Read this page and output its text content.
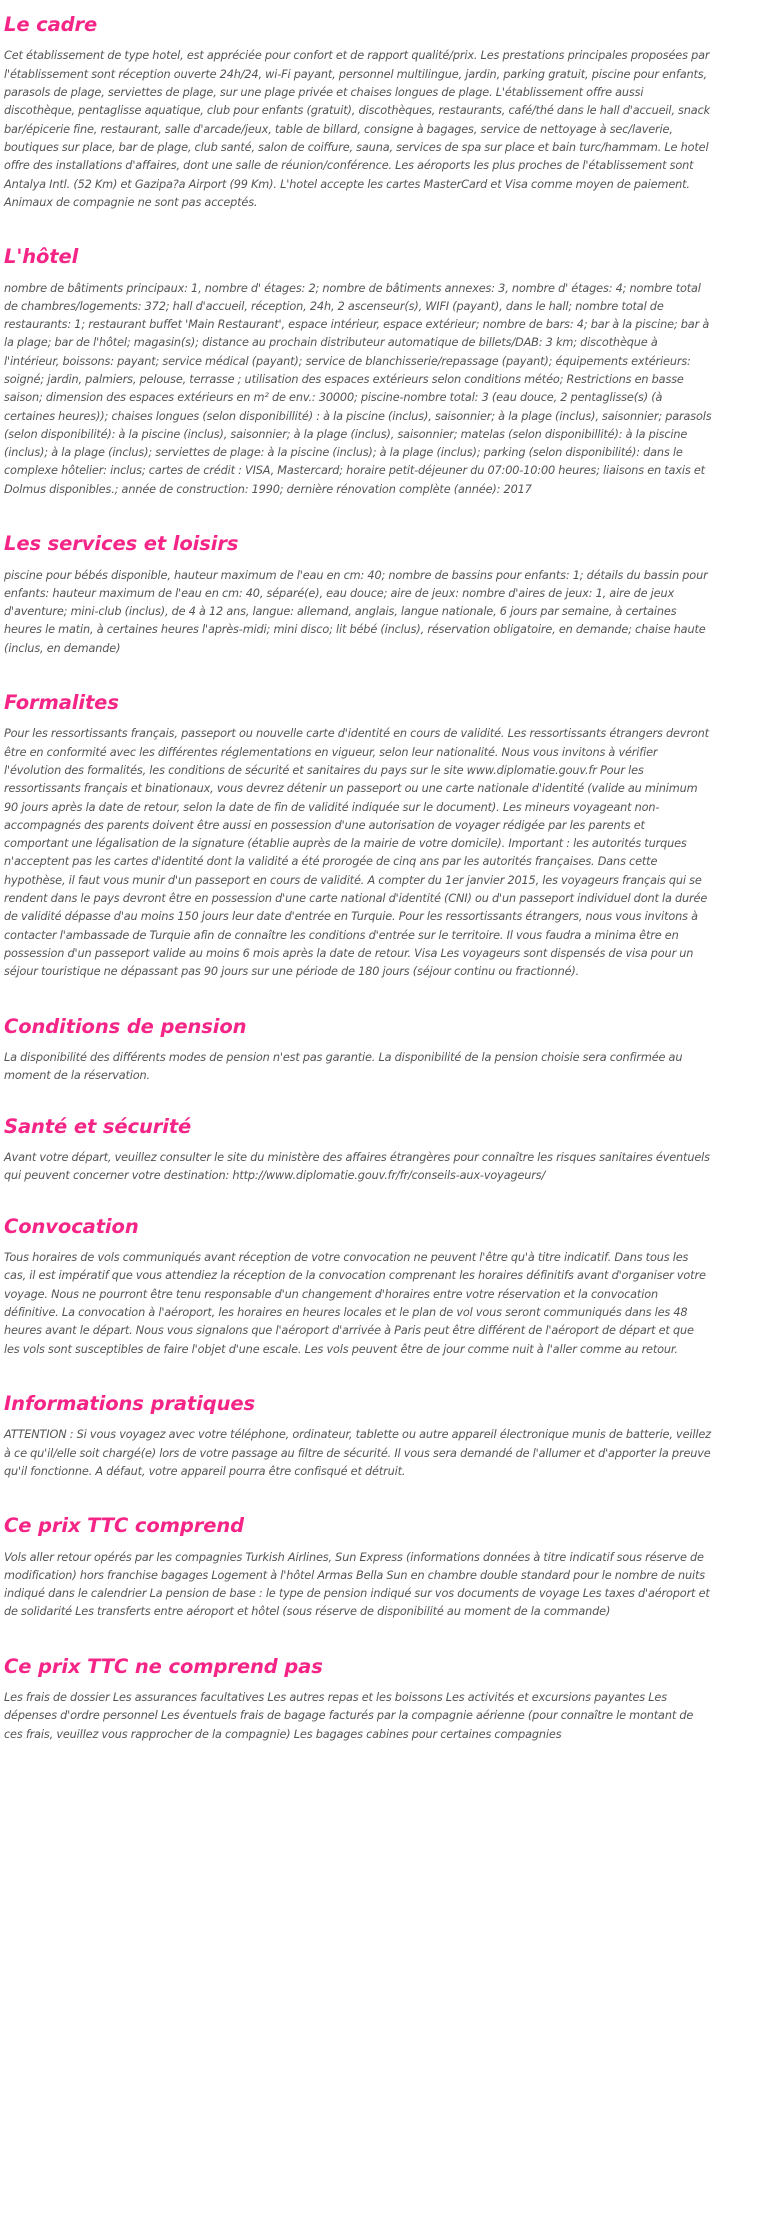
Le cadre

Cet établissement de type hotel, est appréciée pour confort et de rapport qualité/prix. Les prestations principales proposées par l'établissement sont réception ouverte 24h/24, wi-Fi payant, personnel multilingue, jardin, parking gratuit, piscine pour enfants, parasols de plage, serviettes de plage, sur une plage privée et chaises longues de plage. L'établissement offre aussi discothèque, pentaglisse aquatique, club pour enfants (gratuit), discothèques, restaurants, café/thé dans le hall d'accueil, snack bar/épicerie fine, restaurant, salle d'arcade/jeux, table de billard, consigne à bagages, service de nettoyage à sec/laverie, boutiques sur place, bar de plage, club santé, salon de coiffure, sauna, services de spa sur place et bain turc/hammam. Le hotel offre des installations d'affaires, dont une salle de réunion/conférence. Les aéroports les plus proches de l'établissement sont Antalya Intl. (52 Km) et Gazipa?a Airport (99 Km). L'hotel accepte les cartes MasterCard et Visa comme moyen de paiement. Animaux de compagnie ne sont pas acceptés.

L'hôtel

nombre de bâtiments principaux: 1, nombre d' étages: 2; nombre de bâtiments annexes: 3, nombre d' étages: 4; nombre total de chambres/logements: 372; hall d'accueil, réception, 24h, 2 ascenseur(s), WIFI (payant), dans le hall; nombre total de restaurants: 1; restaurant buffet 'Main Restaurant', espace intérieur, espace extérieur; nombre de bars: 4; bar à la piscine; bar à la plage; bar de l'hôtel; magasin(s); distance au prochain distributeur automatique de billets/DAB: 3 km; discothèque à l'intérieur, boissons: payant; service médical (payant); service de blanchisserie/repassage (payant); équipements extérieurs: soigné; jardin, palmiers, pelouse, terrasse ; utilisation des espaces extérieurs selon conditions météo; Restrictions en basse saison; dimension des espaces extérieurs en m² de env.: 30000; piscine-nombre total: 3 (eau douce, 2 pentaglisse(s) (à certaines heures)); chaises longues (selon disponibillité) : à la piscine (inclus), saisonnier; à la plage (inclus), saisonnier; parasols (selon disponibilité): à la piscine (inclus), saisonnier; à la plage (inclus), saisonnier; matelas (selon disponibillité): à la piscine (inclus); à la plage (inclus); serviettes de plage: à la piscine (inclus); à la plage (inclus); parking (selon disponibilité): dans le complexe hôtelier: inclus; cartes de crédit : VISA, Mastercard; horaire petit-déjeuner du 07:00-10:00 heures; liaisons en taxis et Dolmus disponibles.; année de construction: 1990; dernière rénovation complète (année): 2017

Les services et loisirs

piscine pour bébés disponible, hauteur maximum de l'eau en cm: 40; nombre de bassins pour enfants: 1; détails du bassin pour enfants: hauteur maximum de l'eau en cm: 40, séparé(e), eau douce; aire de jeux: nombre d'aires de jeux: 1, aire de jeux d'aventure; mini-club (inclus), de 4 à 12 ans, langue: allemand, anglais, langue nationale, 6 jours par semaine, à certaines heures le matin, à certaines heures l'après-midi; mini disco; lit bébé (inclus), réservation obligatoire, en demande; chaise haute (inclus, en demande)

Formalites

Pour les ressortissants français, passeport ou nouvelle carte d'identité en cours de validité. Les ressortissants étrangers devront être en conformité avec les différentes réglementations en vigueur, selon leur nationalité. Nous vous invitons à vérifier l'évolution des formalités, les conditions de sécurité et sanitaires du pays sur le site www.diplomatie.gouv.fr Pour les ressortissants français et binationaux, vous devrez détenir un passeport ou une carte nationale d'identité (valide au minimum 90 jours après la date de retour, selon la date de fin de validité indiquée sur le document). Les mineurs voyageant non-accompagnés des parents doivent être aussi en possession d'une autorisation de voyager rédigée par les parents et comportant une légalisation de la signature (établie auprès de la mairie de votre domicile). Important : les autorités turques n'acceptent pas les cartes d'identité dont la validité a été prorogée de cinq ans par les autorités françaises. Dans cette hypothèse, il faut vous munir d'un passeport en cours de validité. A compter du 1er janvier 2015, les voyageurs français qui se rendent dans le pays devront être en possession d'une carte national d'identité (CNI) ou d'un passeport individuel dont la durée de validité dépasse d'au moins 150 jours leur date d'entrée en Turquie. Pour les ressortissants étrangers, nous vous invitons à contacter l'ambassade de Turquie afin de connaître les conditions d'entrée sur le territoire. Il vous faudra a minima être en possession d'un passeport valide au moins 6 mois après la date de retour. Visa Les voyageurs sont dispensés de visa pour un séjour touristique ne dépassant pas 90 jours sur une période de 180 jours (séjour continu ou fractionné).

Conditions de pension

La disponibilité des différents modes de pension n'est pas garantie. La disponibilité de la pension choisie sera confirmée au moment de la réservation.

Santé et sécurité

Avant votre départ, veuillez consulter le site du ministère des affaires étrangères pour connaître les risques sanitaires éventuels qui peuvent concerner votre destination: http://www.diplomatie.gouv.fr/fr/conseils-aux-voyageurs/

Convocation

Tous horaires de vols communiqués avant réception de votre convocation ne peuvent l'être qu'à titre indicatif. Dans tous les cas, il est impératif que vous attendiez la réception de la convocation comprenant les horaires définitifs avant d'organiser votre voyage. Nous ne pourront être tenu responsable d'un changement d'horaires entre votre réservation et la convocation définitive. La convocation à l'aéroport, les horaires en heures locales et le plan de vol vous seront communiqués dans les 48 heures avant le départ. Nous vous signalons que l'aéroport d'arrivée à Paris peut être différent de l'aéroport de départ et que les vols sont susceptibles de faire l'objet d'une escale. Les vols peuvent être de jour comme nuit à l'aller comme au retour.

Informations pratiques

ATTENTION : Si vous voyagez avec votre téléphone, ordinateur, tablette ou autre appareil électronique munis de batterie, veillez à ce qu'il/elle soit chargé(e) lors de votre passage au filtre de sécurité. Il vous sera demandé de l'allumer et d'apporter la preuve qu'il fonctionne. A défaut, votre appareil pourra être confisqué et détruit.

Ce prix TTC comprend

Vols aller retour opérés par les compagnies Turkish Airlines, Sun Express (informations données à titre indicatif sous réserve de modification) hors franchise bagages Logement à l'hôtel Armas Bella Sun en chambre double standard pour le nombre de nuits indiqué dans le calendrier La pension de base : le type de pension indiqué sur vos documents de voyage Les taxes d'aéroport et de solidarité Les transferts entre aéroport et hôtel (sous réserve de disponibilité au moment de la commande)

Ce prix TTC ne comprend pas

Les frais de dossier Les assurances facultatives Les autres repas et les boissons Les activités et excursions payantes Les dépenses d'ordre personnel Les éventuels frais de bagage facturés par la compagnie aérienne (pour connaître le montant de ces frais, veuillez vous rapprocher de la compagnie) Les bagages cabines pour certaines compagnies
